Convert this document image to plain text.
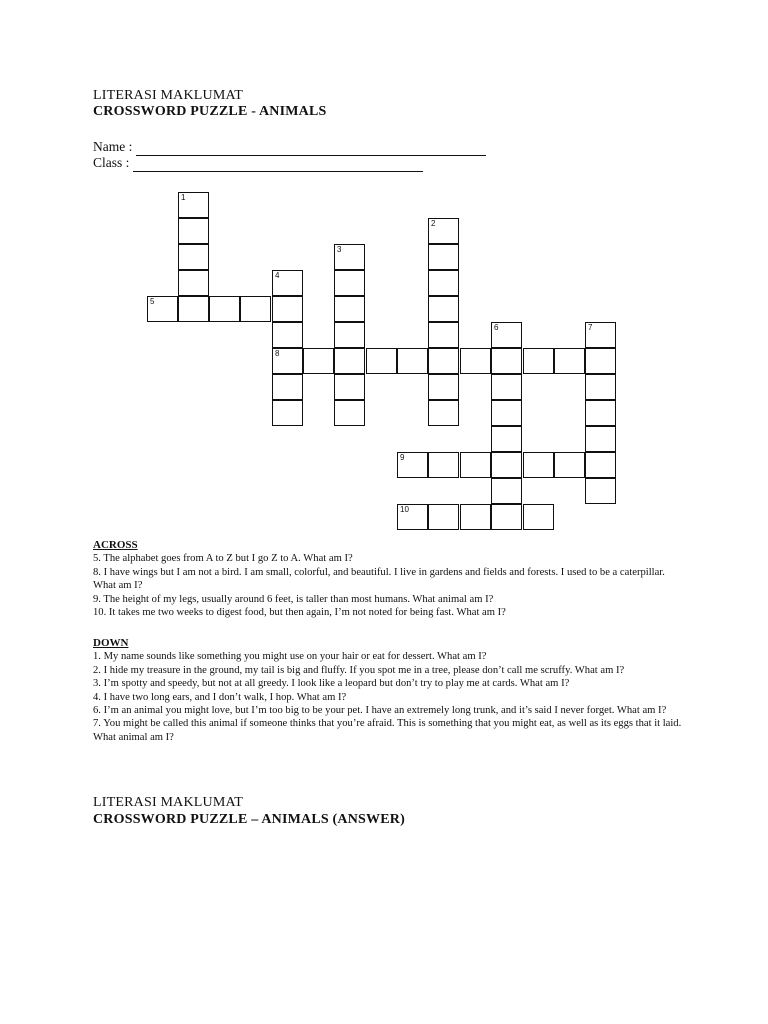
LITERASI MAKLUMAT
CROSSWORD PUZZLE - ANIMALS
Name :
Class :
1
2
3
4
8
6	7
5
9
10
ACROSS
5. The alphabet goes from A to Z but I go Z to A. What am I?
8. I have wings but I am not a bird. I am small, colorful, and beautiful. I live in gardens and fields and forests. I used to be a caterpillar. What am I?
9. The height of my legs, usually around 6 feet, is taller than most humans. What animal am I?
10. It takes me two weeks to digest food, but then again, I’m not noted for being fast. What am I?
DOWN
1. My name sounds like something you might use on your hair or eat for dessert. What am I?
2. I hide my treasure in the ground, my tail is big and fluffy. If you spot me in a tree, please don’t call me scruffy. What am I?
3. I’m spotty and speedy, but not at all greedy. I look like a leopard but don’t try to play me at cards. What am I?
4. I have two long ears, and I don’t walk, I hop. What am I?
6. I’m an animal you might love, but I’m too big to be your pet. I have an extremely long trunk, and it’s said I never forget. What am I?
7. You might be called this animal if someone thinks that you’re afraid. This is something that you might eat, as well as its eggs that it laid. What animal am I?
LITERASI MAKLUMAT
CROSSWORD PUZZLE – ANIMALS (ANSWER)
